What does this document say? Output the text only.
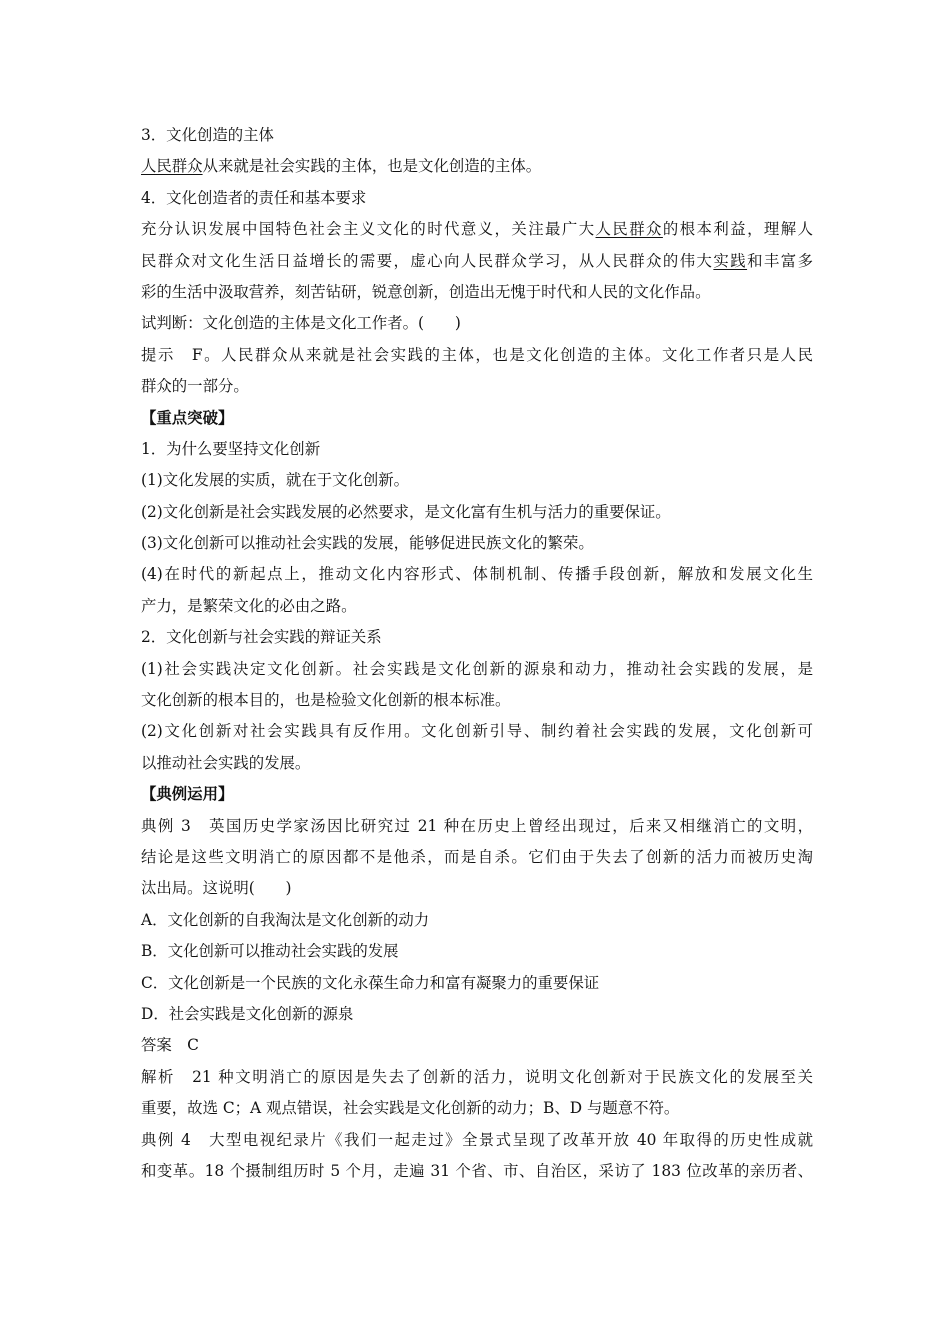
3．文化创造的主体
人民群众从来就是社会实践的主体，也是文化创造的主体。
4．文化创造者的责任和基本要求
充分认识发展中国特色社会主义文化的时代意义，关注最广大人民群众的根本利益，理解人
民群众对文化生活日益增长的需要，虚心向人民群众学习，从人民群众的伟大实践和丰富多
彩的生活中汲取营养，刻苦钻研，锐意创新，创造出无愧于时代和人民的文化作品。
试判断：文化创造的主体是文化工作者。(　　)
提示　F。人民群众从来就是社会实践的主体，也是文化创造的主体。文化工作者只是人民
群众的一部分。
【重点突破】
1．为什么要坚持文化创新
(1)文化发展的实质，就在于文化创新。
(2)文化创新是社会实践发展的必然要求，是文化富有生机与活力的重要保证。
(3)文化创新可以推动社会实践的发展，能够促进民族文化的繁荣。
(4)在时代的新起点上，推动文化内容形式、体制机制、传播手段创新，解放和发展文化生
产力，是繁荣文化的必由之路。
2．文化创新与社会实践的辩证关系
(1)社会实践决定文化创新。社会实践是文化创新的源泉和动力，推动社会实践的发展，是
文化创新的根本目的，也是检验文化创新的根本标准。
(2)文化创新对社会实践具有反作用。文化创新引导、制约着社会实践的发展，文化创新可
以推动社会实践的发展。
【典例运用】
典例 3　英国历史学家汤因比研究过 21 种在历史上曾经出现过，后来又相继消亡的文明，
结论是这些文明消亡的原因都不是他杀，而是自杀。它们由于失去了创新的活力而被历史淘
汰出局。这说明(　　)
A．文化创新的自我淘汰是文化创新的动力
B．文化创新可以推动社会实践的发展
C．文化创新是一个民族的文化永葆生命力和富有凝聚力的重要保证
D．社会实践是文化创新的源泉
答案　C
解析　21 种文明消亡的原因是失去了创新的活力，说明文化创新对于民族文化的发展至关
重要，故选 C；A 观点错误，社会实践是文化创新的动力；B、D 与题意不符。
典例 4　大型电视纪录片《我们一起走过》全景式呈现了改革开放 40 年取得的历史性成就
和变革。18 个摄制组历时 5 个月，走遍 31 个省、市、自治区，采访了 183 位改革的亲历者、
